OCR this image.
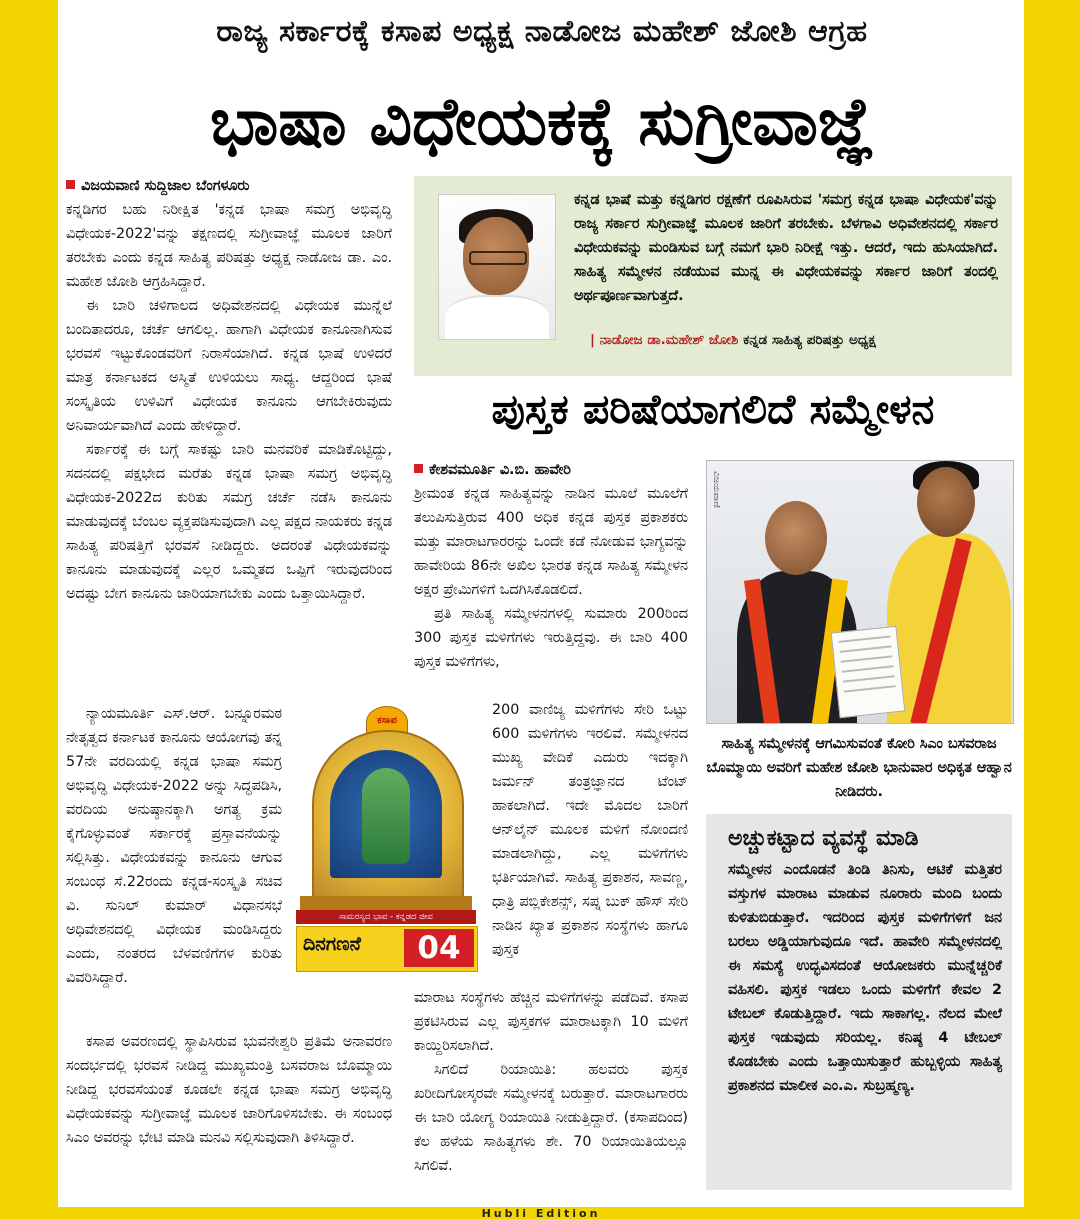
Hubli Edition
ರಾಜ್ಯ ಸರ್ಕಾರಕ್ಕೆ ಕಸಾಪ ಅಧ್ಯಕ್ಷ ನಾಡೋಜ ಮಹೇಶ್ ಜೋಶಿ ಆಗ್ರಹ
ಭಾಷಾ ವಿಧೇಯಕಕ್ಕೆ ಸುಗ್ರೀವಾಜ್ಞೆ

ವಿಜಯವಾಣಿ ಸುದ್ದಿಜಾಲ ಬೆಂಗಳೂರು

ಕನ್ನಡಿಗರ ಬಹು ನಿರೀಕ್ಷಿತ 'ಕನ್ನಡ ಭಾಷಾ ಸಮಗ್ರ ಅಭಿವೃದ್ಧಿ ವಿಧೇಯಕ-2022'ವನ್ನು ತಕ್ಷಣದಲ್ಲಿ ಸುಗ್ರೀವಾಜ್ಞೆ ಮೂಲಕ ಜಾರಿಗೆ ತರಬೇಕು ಎಂದು ಕನ್ನಡ ಸಾಹಿತ್ಯ ಪರಿಷತ್ತು ಅಧ್ಯಕ್ಷ ನಾಡೋಜ ಡಾ. ಎಂ. ಮಹೇಶ ಜೋಶಿ ಆಗ್ರಹಿಸಿದ್ದಾರೆ.

ಈ ಬಾರಿ ಚಳಿಗಾಲದ ಅಧಿವೇಶನದಲ್ಲಿ ವಿಧೇಯಕ ಮುನ್ನೆಲೆ ಬಂದಿತಾದರೂ, ಚರ್ಚೆ ಆಗಲಿಲ್ಲ. ಹಾಗಾಗಿ ವಿಧೇಯಕ ಕಾನೂನಾಗಿಸುವ ಭರವಸೆ ಇಟ್ಟುಕೊಂಡವರಿಗೆ ನಿರಾಸೆಯಾಗಿದೆ. ಕನ್ನಡ ಭಾಷೆ ಉಳಿದರೆ ಮಾತ್ರ ಕರ್ನಾಟಕದ ಅಸ್ಮಿತೆ ಉಳಿಯಲು ಸಾಧ್ಯ. ಆದ್ದರಿಂದ ಭಾಷೆ ಸಂಸ್ಕೃತಿಯ ಉಳಿವಿಗೆ ವಿಧೇಯಕ ಕಾನೂನು ಆಗಬೇಕಿರುವುದು ಅನಿವಾರ್ಯವಾಗಿದೆ ಎಂದು ಹೇಳಿದ್ದಾರೆ.

ಸರ್ಕಾರಕ್ಕೆ ಈ ಬಗ್ಗೆ ಸಾಕಷ್ಟು ಬಾರಿ ಮನವರಿಕೆ ಮಾಡಿಕೊಟ್ಟಿದ್ದು, ಸದನದಲ್ಲಿ ಪಕ್ಷಭೇದ ಮರೆತು ಕನ್ನಡ ಭಾಷಾ ಸಮಗ್ರ ಅಭಿವೃದ್ಧಿ ವಿಧೇಯಕ-2022ದ ಕುರಿತು ಸಮಗ್ರ ಚರ್ಚೆ ನಡೆಸಿ ಕಾನೂನು ಮಾಡುವುದಕ್ಕೆ ಬೆಂಬಲ ವ್ಯಕ್ತಪಡಿಸುವುದಾಗಿ ಎಲ್ಲ ಪಕ್ಷದ ನಾಯಕರು ಕನ್ನಡ ಸಾಹಿತ್ಯ ಪರಿಷತ್ತಿಗೆ ಭರವಸೆ ನೀಡಿದ್ದರು. ಅದರಂತೆ ವಿಧೇಯಕವನ್ನು ಕಾನೂನು ಮಾಡುವುದಕ್ಕೆ ಎಲ್ಲರ ಒಮ್ಮತದ ಒಪ್ಪಿಗೆ ಇರುವುದರಿಂದ ಅದಷ್ಟು ಬೇಗ ಕಾನೂನು ಜಾರಿಯಾಗಬೇಕು ಎಂದು ಒತ್ತಾಯಿಸಿದ್ದಾರೆ.

ನ್ಯಾಯಮೂರ್ತಿ ಎಸ್.ಆರ್. ಬನ್ನೂರಮಠ ನೇತೃತ್ವದ ಕರ್ನಾಟಕ ಕಾನೂನು ಆಯೋಗವು ತನ್ನ 57ನೇ ವರದಿಯಲ್ಲಿ ಕನ್ನಡ ಭಾಷಾ ಸಮಗ್ರ ಅಭಿವೃದ್ಧಿ ವಿಧೇಯಕ-2022 ಅನ್ನು ಸಿದ್ಧಪಡಿಸಿ, ವರದಿಯ ಅನುಷ್ಠಾನಕ್ಕಾಗಿ ಅಗತ್ಯ ಕ್ರಮ ಕೈಗೊಳ್ಳುವಂತೆ ಸರ್ಕಾರಕ್ಕೆ ಪ್ರಸ್ತಾವನೆಯನ್ನು ಸಲ್ಲಿಸಿತ್ತು. ವಿಧೇಯಕವನ್ನು ಕಾನೂನು ಆಗುವ ಸಂಬಂಧ ಸೆ.22ರಂದು ಕನ್ನಡ-ಸಂಸ್ಕೃತಿ ಸಚಿವ ವಿ. ಸುನಿಲ್ ಕುಮಾರ್ ವಿಧಾನಸಭೆ ಅಧಿವೇಶನದಲ್ಲಿ ವಿಧೇಯಕ ಮಂಡಿಸಿದ್ದರು ಎಂದು, ನಂತರದ ಬೆಳವಣಿಗೆಗಳ ಕುರಿತು ವಿವರಿಸಿದ್ದಾರೆ.

ಕಸಾಪ ಅವರಣದಲ್ಲಿ ಸ್ಥಾಪಿಸಿರುವ ಭುವನೇಶ್ವರಿ ಪ್ರತಿಮೆ ಅನಾವರಣ ಸಂದರ್ಭದಲ್ಲಿ ಭರವಸೆ ನೀಡಿದ್ದ ಮುಖ್ಯಮಂತ್ರಿ ಬಸವರಾಜ ಬೊಮ್ಮಾಯಿ ನೀಡಿದ್ದ ಭರವಸೆಯಂತೆ ಕೂಡಲೇ ಕನ್ನಡ ಭಾಷಾ ಸಮಗ್ರ ಅಭಿವೃದ್ಧಿ ವಿಧೇಯಕವನ್ನು ಸುಗ್ರೀವಾಜ್ಞೆ ಮೂಲಕ ಜಾರಿಗೊಳಿಸಬೇಕು. ಈ ಸಂಬಂಧ ಸಿಎಂ ಅವರನ್ನು ಭೇಟಿ ಮಾಡಿ ಮನವಿ ಸಲ್ಲಿಸುವುದಾಗಿ ತಿಳಿಸಿದ್ದಾರೆ.

ಕಸಾಪ
ಸಾಮರಸ್ಯದ ಭಾವ - ಕನ್ನಡದ ಜೀವ
ದಿನಗಣನೆ	04
ಕನ್ನಡ ಭಾಷೆ ಮತ್ತು ಕನ್ನಡಿಗರ ರಕ್ಷಣೆಗೆ ರೂಪಿಸಿರುವ 'ಸಮಗ್ರ ಕನ್ನಡ ಭಾಷಾ ವಿಧೇಯಕ'ವನ್ನು ರಾಜ್ಯ ಸರ್ಕಾರ ಸುಗ್ರೀವಾಜ್ಞೆ ಮೂಲಕ ಜಾರಿಗೆ ತರಬೇಕು. ಬೆಳಗಾವಿ ಅಧಿವೇಶನದಲ್ಲಿ ಸರ್ಕಾರ ವಿಧೇಯಕವನ್ನು ಮಂಡಿಸುವ ಬಗ್ಗೆ ನಮಗೆ ಭಾರಿ ನಿರೀಕ್ಷೆ ಇತ್ತು. ಆದರೆ, ಇದು ಹುಸಿಯಾಗಿದೆ. ಸಾಹಿತ್ಯ ಸಮ್ಮೇಳನ ನಡೆಯುವ ಮುನ್ನ ಈ ವಿಧೇಯಕವನ್ನು ಸರ್ಕಾರ ಜಾರಿಗೆ ತಂದಲ್ಲಿ ಅರ್ಥಪೂರ್ಣವಾಗುತ್ತದೆ.
| ನಾಡೋಜ ಡಾ.ಮಹೇಶ್ ಜೋಶಿ ಕನ್ನಡ ಸಾಹಿತ್ಯ ಪರಿಷತ್ತು ಅಧ್ಯಕ್ಷ
ಪುಸ್ತಕ ಪರಿಷೆಯಾಗಲಿದೆ ಸಮ್ಮೇಳನ

ಕೇಶವಮೂರ್ತಿ ವಿ.ಬಿ. ಹಾವೇರಿ

ಶ್ರೀಮಂತ ಕನ್ನಡ ಸಾಹಿತ್ಯವನ್ನು ನಾಡಿನ ಮೂಲೆ ಮೂಲೆಗೆ ತಲುಪಿಸುತ್ತಿರುವ 400 ಅಧಿಕ ಕನ್ನಡ ಪುಸ್ತಕ ಪ್ರಕಾಶಕರು ಮತ್ತು ಮಾರಾಟಗಾರರನ್ನು ಒಂದೇ ಕಡೆ ನೋಡುವ ಭಾಗ್ಯವನ್ನು ಹಾವೇರಿಯ 86ನೇ ಅಖಿಲ ಭಾರತ ಕನ್ನಡ ಸಾಹಿತ್ಯ ಸಮ್ಮೇಳನ ಅಕ್ಷರ ಪ್ರೇಮಿಗಳಿಗೆ ಒದಗಿಸಿಕೊಡಲಿದೆ.

ಪ್ರತಿ ಸಾಹಿತ್ಯ ಸಮ್ಮೇಳನಗಳಲ್ಲಿ ಸುಮಾರು 200ರಿಂದ 300 ಪುಸ್ತಕ ಮಳಿಗೆಗಳು ಇರುತ್ತಿದ್ದವು. ಈ ಬಾರಿ 400 ಪುಸ್ತಕ ಮಳಿಗೆಗಳು,

200 ವಾಣಿಜ್ಯ ಮಳಿಗೆಗಳು ಸೇರಿ ಒಟ್ಟು 600 ಮಳಿಗೆಗಳು ಇರಲಿವೆ. ಸಮ್ಮೇಳನದ ಮುಖ್ಯ ವೇದಿಕೆ ಎದುರು ಇದಕ್ಕಾಗಿ ಜರ್ಮನ್ ತಂತ್ರಜ್ಞಾನದ ಟೆಂಟ್ ಹಾಕಲಾಗಿದೆ. ಇದೇ ಮೊದಲ ಬಾರಿಗೆ ಆನ್‌ಲೈನ್ ಮೂಲಕ ಮಳಿಗೆ ನೋಂದಣಿ ಮಾಡಲಾಗಿದ್ದು, ಎಲ್ಲ ಮಳಿಗೆಗಳು ಭರ್ತಿಯಾಗಿವೆ. ಸಾಹಿತ್ಯ ಪ್ರಕಾಶನ, ಸಾವಣ್ಣ, ಧಾತ್ರಿ ಪಬ್ಲಿಕೇಶನ್ಸ್, ಸಪ್ನ ಬುಕ್ ಹೌಸ್ ಸೇರಿ ನಾಡಿನ ಖ್ಯಾತ ಪ್ರಕಾಶನ ಸಂಸ್ಥೆಗಳು ಹಾಗೂ ಪುಸ್ತಕ

ಮಾರಾಟ ಸಂಸ್ಥೆಗಳು ಹೆಚ್ಚಿನ ಮಳಿಗೆಗಳನ್ನು ಪಡೆದಿವೆ. ಕಸಾಪ ಪ್ರಕಟಿಸಿರುವ ಎಲ್ಲ ಪುಸ್ತಕಗಳ ಮಾರಾಟಕ್ಕಾಗಿ 10 ಮಳಿಗೆ ಕಾಯ್ದಿರಿಸಲಾಗಿದೆ.

ಸಿಗಲಿದೆ ರಿಯಾಯಿತಿ: ಹಲವರು ಪುಸ್ತಕ ಖರೀದಿಗೋಸ್ಕರವೇ ಸಮ್ಮೇಳನಕ್ಕೆ ಬರುತ್ತಾರೆ. ಮಾರಾಟಗಾರರು ಈ ಬಾರಿ ಯೋಗ್ಯ ರಿಯಾಯಿತಿ ನೀಡುತ್ತಿದ್ದಾರೆ. (ಕಸಾಪದಿಂದ) ಕೆಲ ಹಳೆಯ ಸಾಹಿತ್ಯಗಳು ಶೇ. 70 ರಿಯಾಯಿತಿಯಲ್ಲೂ ಸಿಗಲಿವೆ.

ವಿಜಯವಾಣಿ
ಸಾಹಿತ್ಯ ಸಮ್ಮೇಳನಕ್ಕೆ ಆಗಮಿಸುವಂತೆ ಕೋರಿ ಸಿಎಂ ಬಸವರಾಜ ಬೊಮ್ಮಾಯಿ ಅವರಿಗೆ ಮಹೇಶ ಜೋಶಿ ಭಾನುವಾರ ಅಧಿಕೃತ ಆಹ್ವಾನ ನೀಡಿದರು.
ಅಚ್ಚುಕಟ್ಟಾದ ವ್ಯವಸ್ಥೆ ಮಾಡಿ

ಸಮ್ಮೇಳನ ಎಂದೊಡನೆ ತಿಂಡಿ ತಿನಿಸು, ಆಟಿಕೆ ಮತ್ತಿತರ ವಸ್ತುಗಳ ಮಾರಾಟ ಮಾಡುವ ನೂರಾರು ಮಂದಿ ಬಂದು ಕುಳಿತುಬಿಡುತ್ತಾರೆ. ಇದರಿಂದ ಪುಸ್ತಕ ಮಳಿಗೆಗಳಿಗೆ ಜನ ಬರಲು ಅಡ್ಡಿಯಾಗುವುದೂ ಇದೆ. ಹಾವೇರಿ ಸಮ್ಮೇಳನದಲ್ಲಿ ಈ ಸಮಸ್ಯೆ ಉದ್ಭವಿಸದಂತೆ ಆಯೋಜಕರು ಮುನ್ನೆಚ್ಚರಿಕೆ ವಹಿಸಲಿ. ಪುಸ್ತಕ ಇಡಲು ಒಂದು ಮಳಿಗೆಗೆ ಕೇವಲ 2 ಟೇಬಲ್ ಕೊಡುತ್ತಿದ್ದಾರೆ. ಇದು ಸಾಕಾಗಲ್ಲ. ನೆಲದ ಮೇಲೆ ಪುಸ್ತಕ ಇಡುವುದು ಸರಿಯಲ್ಲ. ಕನಿಷ್ಠ 4 ಟೇಬಲ್ ಕೊಡಬೇಕು ಎಂದು ಒತ್ತಾಯಿಸುತ್ತಾರೆ ಹುಬ್ಬಳ್ಳಿಯ ಸಾಹಿತ್ಯ ಪ್ರಕಾಶನದ ಮಾಲೀಕ ಎಂ.ಎ. ಸುಬ್ರಹ್ಮಣ್ಯ.
